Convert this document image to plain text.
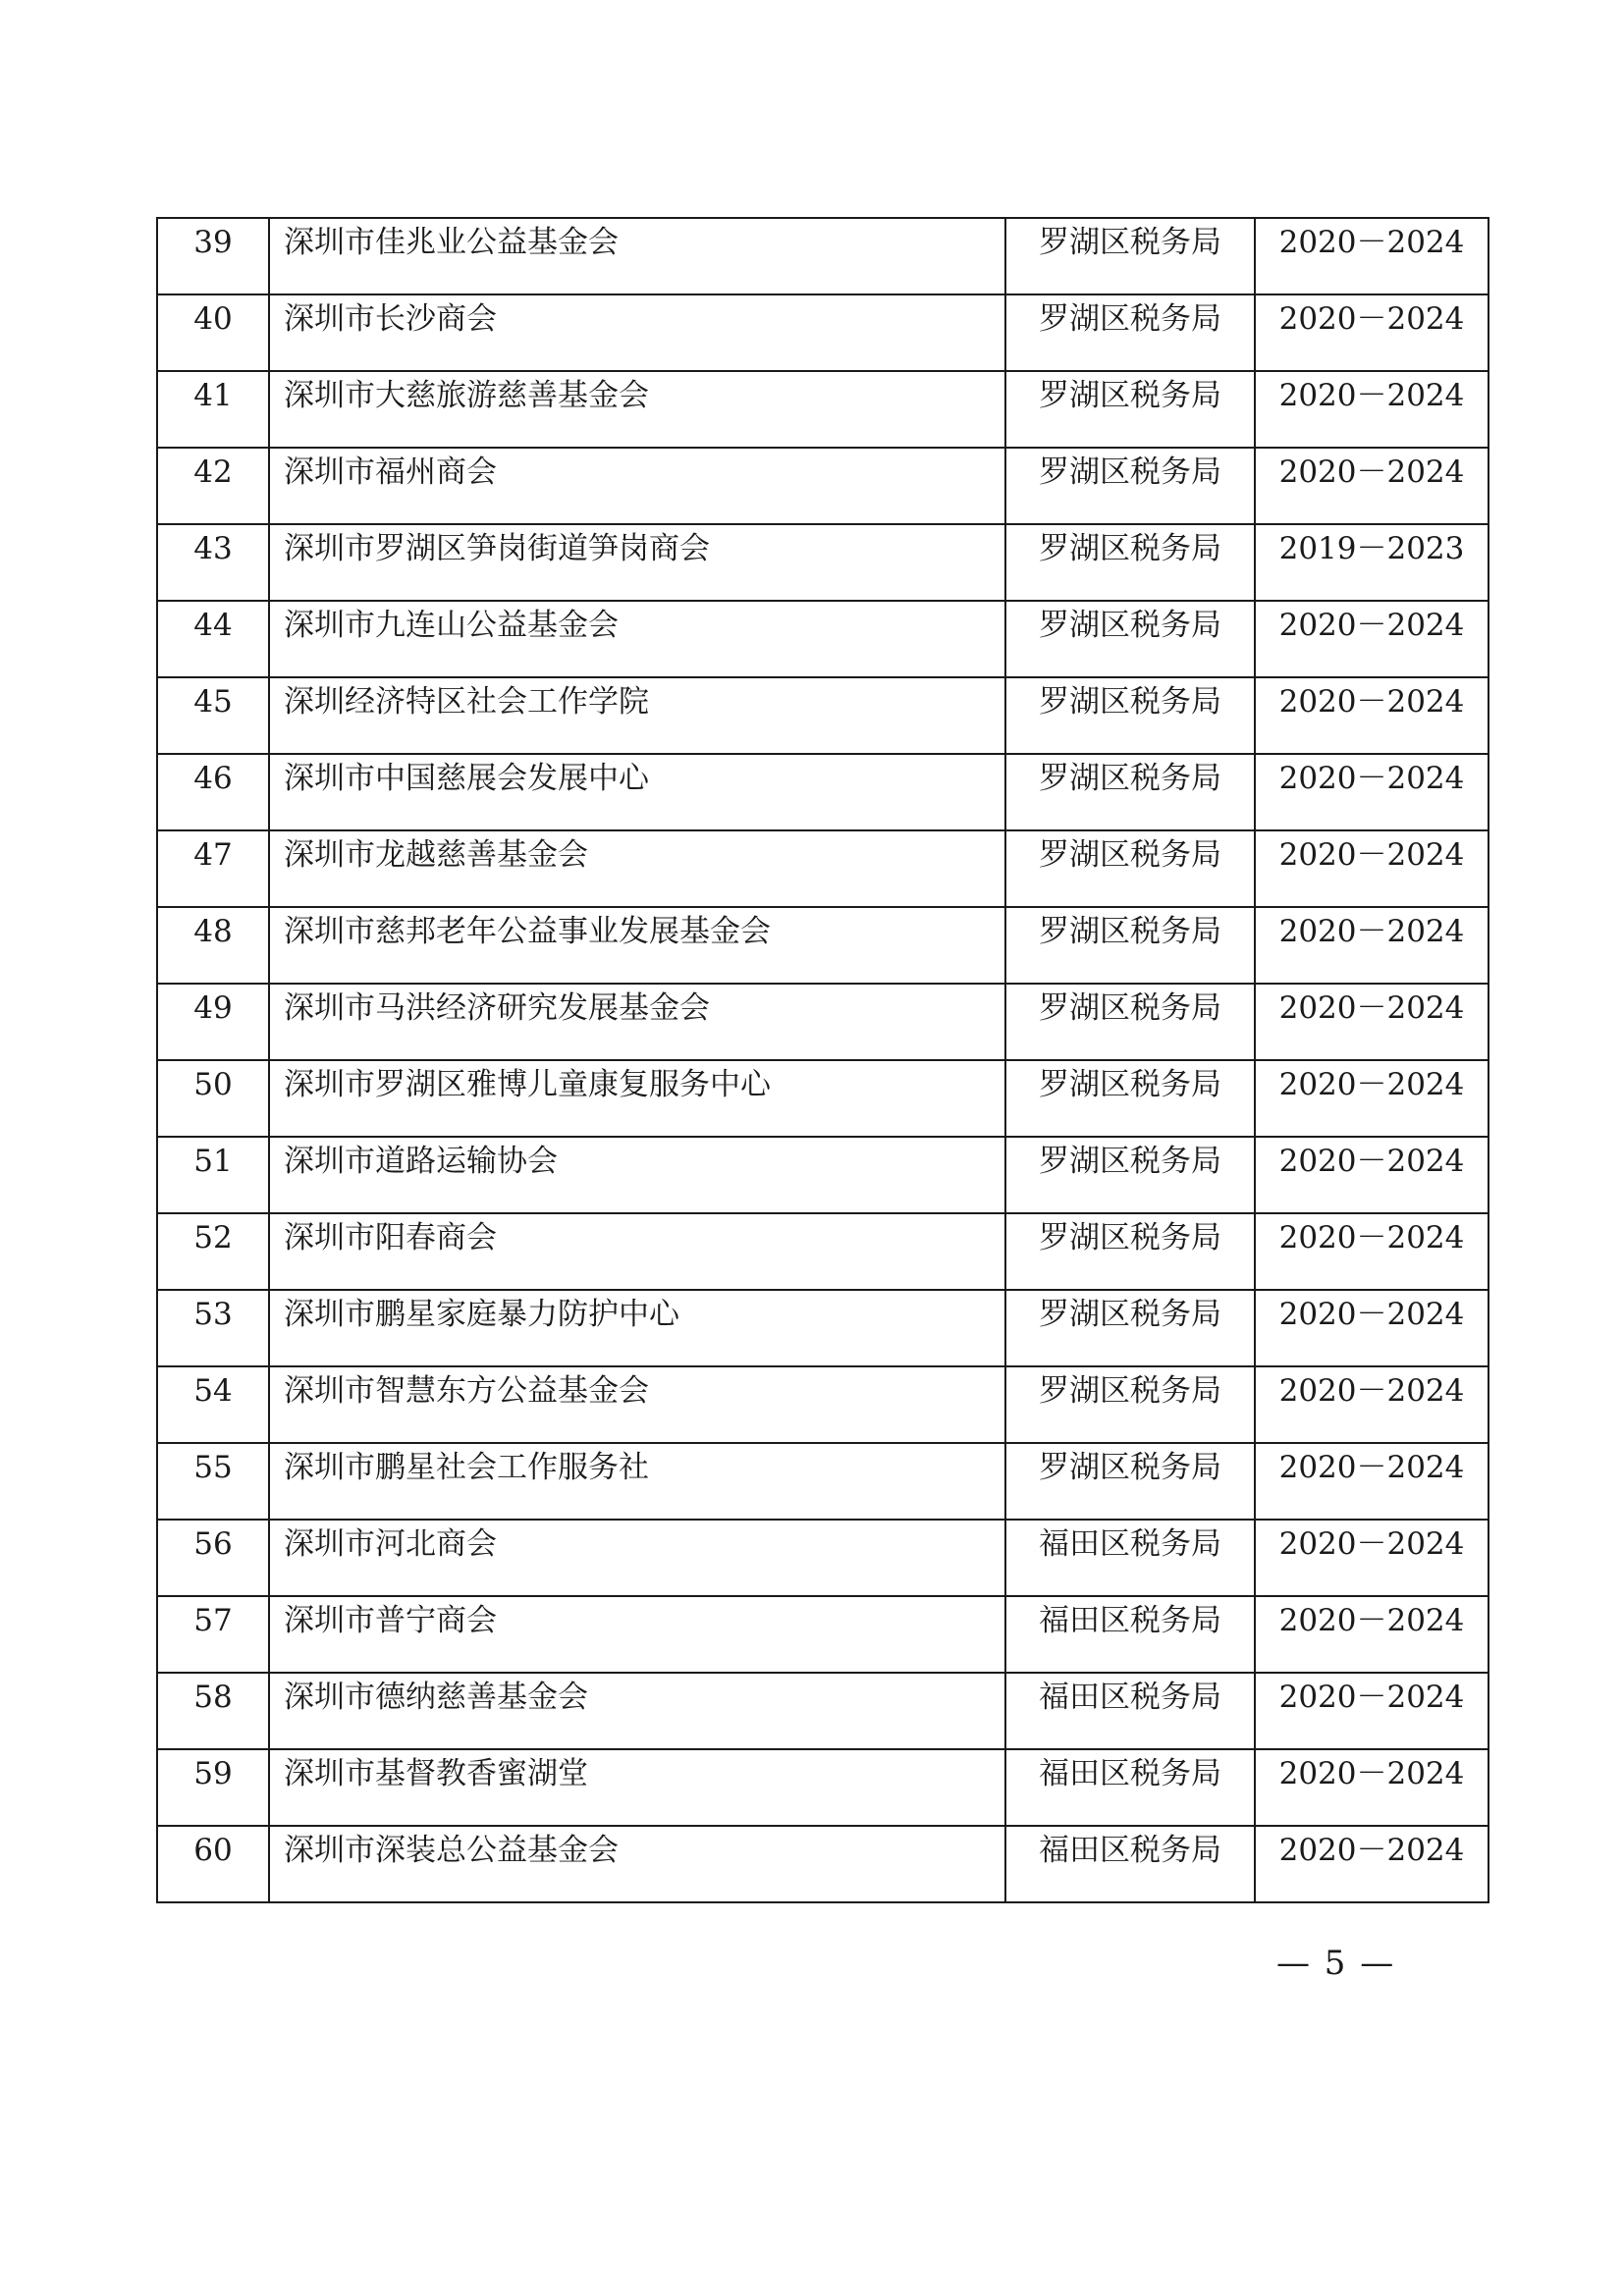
39	深圳市佳兆业公益基金会	罗湖区税务局	2020－2024

40	深圳市长沙商会	罗湖区税务局	2020－2024

41	深圳市大慈旅游慈善基金会	罗湖区税务局	2020－2024

42	深圳市福州商会	罗湖区税务局	2020－2024

43	深圳市罗湖区笋岗街道笋岗商会	罗湖区税务局	2019－2023

44	深圳市九连山公益基金会	罗湖区税务局	2020－2024

45	深圳经济特区社会工作学院	罗湖区税务局	2020－2024

46	深圳市中国慈展会发展中心	罗湖区税务局	2020－2024

47	深圳市龙越慈善基金会	罗湖区税务局	2020－2024

48	深圳市慈邦老年公益事业发展基金会	罗湖区税务局	2020－2024

49	深圳市马洪经济研究发展基金会	罗湖区税务局	2020－2024

50	深圳市罗湖区雅博儿童康复服务中心	罗湖区税务局	2020－2024

51	深圳市道路运输协会	罗湖区税务局	2020－2024

52	深圳市阳春商会	罗湖区税务局	2020－2024

53	深圳市鹏星家庭暴力防护中心	罗湖区税务局	2020－2024

54	深圳市智慧东方公益基金会	罗湖区税务局	2020－2024

55	深圳市鹏星社会工作服务社	罗湖区税务局	2020－2024

56	深圳市河北商会	福田区税务局	2020－2024

57	深圳市普宁商会	福田区税务局	2020－2024

58	深圳市德纳慈善基金会	福田区税务局	2020－2024

59	深圳市基督教香蜜湖堂	福田区税务局	2020－2024

60	深圳市深装总公益基金会	福田区税务局	2020－2024
— 5 —
